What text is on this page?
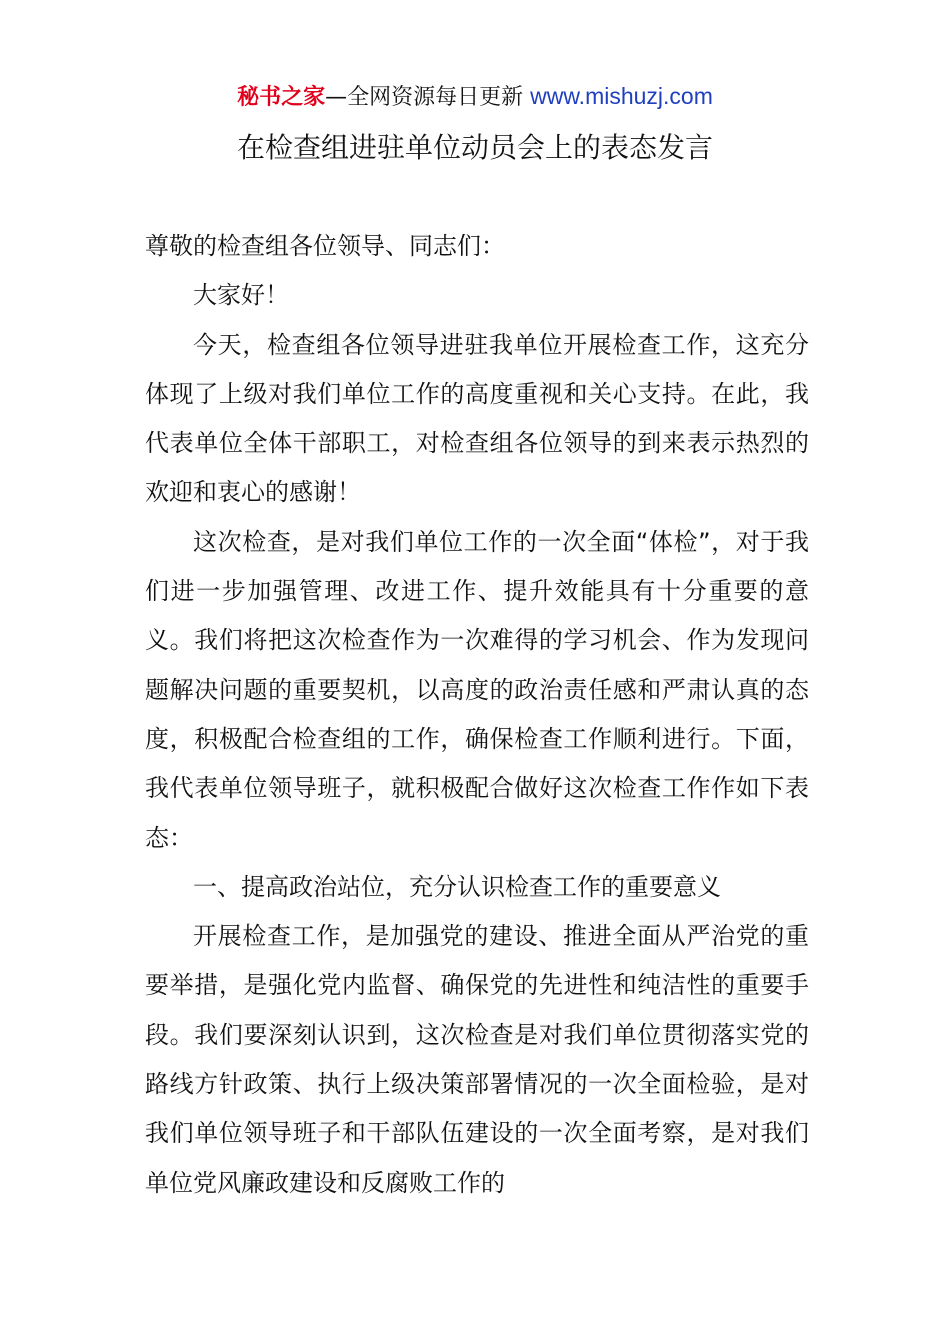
秘书之家—全网资源每日更新 www.mishuzj.com
在检查组进驻单位动员会上的表态发言

尊敬的检查组各位领导、同志们：

大家好！

今天，检查组各位领导进驻我单位开展检查工作，这充分体现了上级对我们单位工作的高度重视和关心支持。在此，我代表单位全体干部职工，对检查组各位领导的到来表示热烈的欢迎和衷心的感谢！

这次检查，是对我们单位工作的一次全面“体检”，对于我们进一步加强管理、改进工作、提升效能具有十分重要的意义。我们将把这次检查作为一次难得的学习机会、作为发现问题解决问题的重要契机，以高度的政治责任感和严肃认真的态度，积极配合检查组的工作，确保检查工作顺利进行。下面，我代表单位领导班子，就积极配合做好这次检查工作作如下表态：

一、提高政治站位，充分认识检查工作的重要意义

开展检查工作，是加强党的建设、推进全面从严治党的重要举措，是强化党内监督、确保党的先进性和纯洁性的重要手段。我们要深刻认识到，这次检查是对我们单位贯彻落实党的路线方针政策、执行上级决策部署情况的一次全面检验，是对我们单位领导班子和干部队伍建设的一次全面考察，是对我们单位党风廉政建设和反腐败工作的
